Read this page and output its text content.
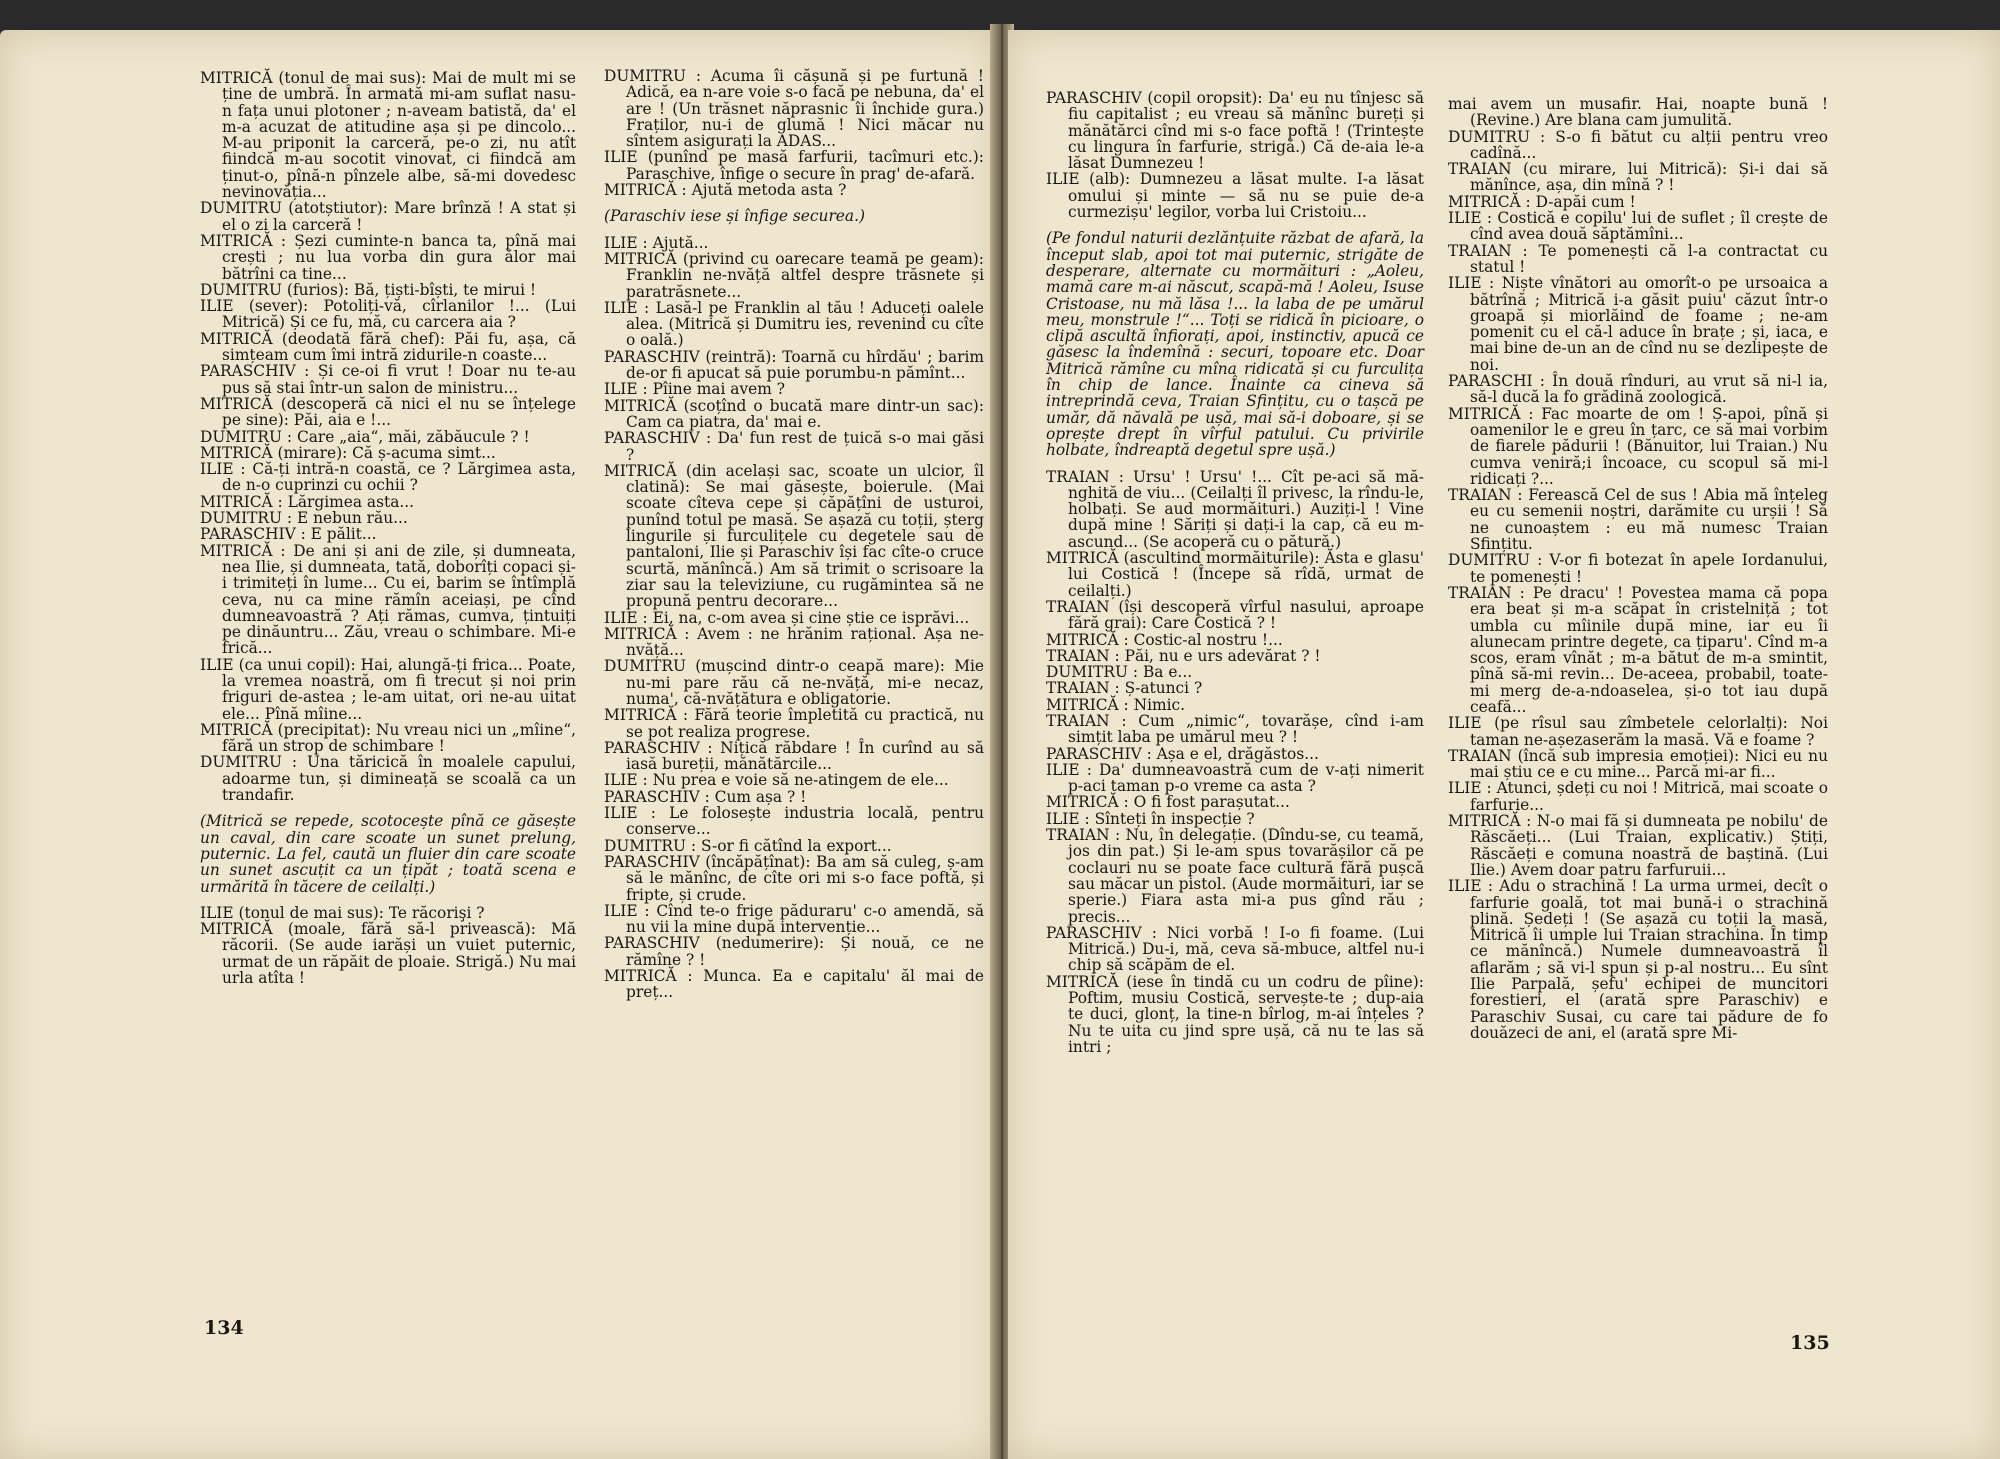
MITRICĂ (tonul de mai sus): Mai de mult mi se ține de umbră. În armată mi-am suflat nasu-n fața unui plotoner ; n-aveam batistă, da' el m-a acuzat de atitudine așa și pe dincolo... M-au priponit la carceră, pe-o zi, nu atît fiindcă m-au socotit vinovat, ci fiindcă am ținut-o, pînă-n pînzele albe, să-mi dovedesc nevinovăția...

DUMITRU (atotștiutor): Mare brînză ! A stat și el o zi la carceră !

MITRICĂ : Șezi cuminte-n banca ta, pînă mai crești ; nu lua vorba din gura ălor mai bătrîni ca tine...

DUMITRU (furios): Bă, țiști-bîști, te mirui !

ILIE (sever): Potoliți-vă, cîrlanilor !... (Lui Mitrică) Și ce fu, mă, cu carcera aia ?

MITRICĂ (deodată fără chef): Păi fu, așa, că simțeam cum îmi intră zidurile-n coaste...

PARASCHIV : Și ce-oi fi vrut ! Doar nu te-au pus să stai într-un salon de ministru...

MITRICĂ (descoperă că nici el nu se înțelege pe sine): Păi, aia e !...

DUMITRU : Care „aia“, măi, zăbăucule ? !

MITRICĂ (mirare): Că ș-acuma simt...

ILIE : Că-ți intră-n coastă, ce ? Lărgimea asta, de n-o cuprinzi cu ochii ?

MITRICĂ : Lărgimea asta...

DUMITRU : E nebun rău...

PARASCHIV : E pălit...

MITRICĂ : De ani și ani de zile, și dumneata, nea Ilie, și dumneata, tată, doborîți copaci și-i trimiteți în lume... Cu ei, barim se întîmplă ceva, nu ca mine rămîn aceiași, pe cînd dumneavoastră ? Ați rămas, cumva, țintuiți pe dinăuntru... Zău, vreau o schimbare. Mi-e frică...

ILIE (ca unui copil): Hai, alungă-ți frica... Poate, la vremea noastră, om fi trecut și noi prin friguri de-astea ; le-am uitat, ori ne-au uitat ele... Pînă mîine...

MITRICĂ (precipitat): Nu vreau nici un „mîine“, fără un strop de schimbare !

DUMITRU : Una tăricică în moalele capului, adoarme tun, și dimineață se scoală ca un trandafir.

(Mitrică se repede, scotocește pînă ce găsește un caval, din care scoate un sunet prelung, puternic. La fel, caută un fluier din care scoate un sunet ascuțit ca un țipăt ; toată scena e urmărită în tăcere de ceilalți.)

ILIE (tonul de mai sus): Te răcorişi ?

MITRICĂ (moale, fără să-l privească): Mă răcorii. (Se aude iarăși un vuiet puternic, urmat de un răpăit de ploaie. Strigă.) Nu mai urla atîta !

DUMITRU : Acuma îi cășună și pe furtună ! Adică, ea n-are voie s-o facă pe nebuna, da' el are ! (Un trăsnet năprasnic îi închide gura.) Fraților, nu-i de glumă ! Nici măcar nu sîntem asigurați la ADAS...

ILIE (punînd pe masă farfurii, tacîmuri etc.): Paraschive, înfige o secure în prag' de-afară.

MITRICĂ : Ajută metoda asta ?

(Paraschiv iese și înfige securea.)

ILIE : Ajută...

MITRICĂ (privind cu oarecare teamă pe geam): Franklin ne-nvăță altfel despre trăsnete și paratrăsnete...

ILIE : Lasă-l pe Franklin al tău ! Aduceți oalele alea. (Mitrică și Dumitru ies, revenind cu cîte o oală.)

PARASCHIV (reintră): Toarnă cu hîrdău' ; barim de-or fi apucat să puie porumbu-n pămînt...

ILIE : Pîine mai avem ?

MITRICĂ (scoțînd o bucată mare dintr-un sac): Cam ca piatra, da' mai e.

PARASCHIV : Da' fun rest de țuică s-o mai găsi ?

MITRICĂ (din același sac, scoate un ulcior, îl clatină): Se mai găsește, boierule. (Mai scoate cîteva cepe și căpățîni de usturoi, punînd totul pe masă. Se așază cu toții, șterg lingurile și furculițele cu degetele sau de pantaloni, Ilie și Paraschiv își fac cîte-o cruce scurtă, mănîncă.) Am să trimit o scrisoare la ziar sau la televiziune, cu rugămintea să ne propună pentru decorare...

ILIE : Ei, na, c-om avea și cine știe ce isprăvi...

MITRICĂ : Avem : ne hrănim rațional. Așa ne-nvăță...

DUMITRU (mușcind dintr-o ceapă mare): Mie nu-mi pare rău că ne-nvăță, mi-e necaz, numa', că-nvățătura e obligatorie.

MITRICĂ : Fără teorie împletită cu practică, nu se pot realiza progrese.

PARASCHIV : Nițică răbdare ! În curînd au să iasă bureții, mănătărcile...

ILIE : Nu prea e voie să ne-atingem de ele...

PARASCHIV : Cum așa ? !

ILIE : Le folosește industria locală, pentru conserve...

DUMITRU : S-or fi cătînd la export...

PARASCHIV (încăpățînat): Ba am să culeg, ș-am să le mănînc, de cîte ori mi s-o face poftă, și fripte, și crude.

ILIE : Cînd te-o frige păduraru' c-o amendă, să nu vii la mine după intervenție...

PARASCHIV (nedumerire): Și nouă, ce ne rămîne ? !

MITRICĂ : Munca. Ea e capitalu' ăl mai de preț...

134

PARASCHIV (copil oropsit): Da' eu nu tînjesc să fiu capitalist ; eu vreau să mănînc bureți și mănătărci cînd mi s-o face poftă ! (Trintește cu lingura în farfurie, strigă.) Că de-aia le-a lăsat Dumnezeu !

ILIE (alb): Dumnezeu a lăsat multe. I-a lăsat omului și minte — să nu se puie de-a curmezișu' legilor, vorba lui Cristoiu...

(Pe fondul naturii dezlănțuite răzbat de afară, la început slab, apoi tot mai puternic, strigăte de desperare, alternate cu mormăituri : „Aoleu, mamă care m-ai născut, scapă-mă ! Aoleu, Isuse Cristoase, nu mă lăsa !... la laba de pe umărul meu, monstrule !“... Toți se ridică în picioare, o clipă ascultă înfiorați, apoi, instinctiv, apucă ce găsesc la îndemînă : securi, topoare etc. Doar Mitrică rămîne cu mîna ridicată și cu furculița în chip de lance. Înainte ca cineva să intreprindă ceva, Traian Sfințitu, cu o tașcă pe umăr, dă năvală pe ușă, mai să-i doboare, și se oprește drept în vîrful patului. Cu privirile holbate, îndreaptă degetul spre ușă.)

TRAIAN : Ursu' ! Ursu' !... Cît pe-aci să mă-nghită de viu... (Ceilalți îl privesc, la rîndu-le, holbați. Se aud mormăituri.) Auziți-l ! Vine după mine ! Săriți și dați-i la cap, că eu m-ascund... (Se acoperă cu o pătură.)

MITRICĂ (ascultind mormăiturile): Ăsta e glasu' lui Costică ! (Începe să rîdă, urmat de ceilalți.)

TRAIAN (își descoperă vîrful nasului, aproape fără grai): Care Costică ? !

MITRICĂ : Costic-al nostru !...

TRAIAN : Păi, nu e urs adevărat ? !

DUMITRU : Ba e...

TRAIAN : Ș-atunci ?

MITRICĂ : Nimic.

TRAIAN : Cum „nimic“, tovarășe, cînd i-am simțit laba pe umărul meu ? !

PARASCHIV : Așa e el, drăgăstos...

ILIE : Da' dumneavoastră cum de v-ați nimerit p-aci taman p-o vreme ca asta ?

MITRICĂ : O fi fost parașutat...

ILIE : Sînteți în inspecție ?

TRAIAN : Nu, în delegație. (Dîndu-se, cu teamă, jos din pat.) Și le-am spus tovarășilor că pe coclauri nu se poate face cultură fără pușcă sau măcar un pistol. (Aude mormăituri, iar se sperie.) Fiara asta mi-a pus gînd rău ; precis...

PARASCHIV : Nici vorbă ! I-o fi foame. (Lui Mitrică.) Du-i, mă, ceva să-mbuce, altfel nu-i chip să scăpăm de el.

MITRICĂ (iese în tindă cu un codru de pîine): Poftim, musiu Costică, servește-te ; dup-aia te duci, glonț, la tine-n bîrlog, m-ai înțeles ? Nu te uita cu jind spre ușă, că nu te las să intri ;

mai avem un musafir. Hai, noapte bună ! (Revine.) Are blana cam jumulită.

DUMITRU : S-o fi bătut cu alții pentru vreo cadînă...

TRAIAN (cu mirare, lui Mitrică): Și-i dai să mănînce, așa, din mînă ? !

MITRICĂ : D-apăi cum !

ILIE : Costică e copilu' lui de suflet ; îl crește de cînd avea două săptămîni...

TRAIAN : Te pomenești că l-a contractat cu statul !

ILIE : Niște vînători au omorît-o pe ursoaica a bătrînă ; Mitrică i-a găsit puiu' căzut într-o groapă și miorlăind de foame ; ne-am pomenit cu el că-l aduce în brațe ; și, iaca, e mai bine de-un an de cînd nu se dezlipește de noi.

PARASCHI : În două rînduri, au vrut să ni-l ia, să-l ducă la fo grădină zoologică.

MITRICĂ : Fac moarte de om ! Ș-apoi, pînă și oamenilor le e greu în țarc, ce să mai vorbim de fiarele pădurii ! (Bănuitor, lui Traian.) Nu cumva veniră;i încoace, cu scopul să mi-l ridicați ?...

TRAIAN : Ferească Cel de sus ! Abia mă înțeleg eu cu semenii noștri, darămite cu urșii ! Să ne cunoaștem : eu mă numesc Traian Sfințitu.

DUMITRU : V-or fi botezat în apele Iordanului, te pomenești !

TRAIAN : Pe dracu' ! Povestea mama că popa era beat și m-a scăpat în cristelniță ; tot umbla cu mîinile după mine, iar eu îi alunecam printre degete, ca țiparu'. Cînd m-a scos, eram vînăt ; m-a bătut de m-a smintit, pînă să-mi revin... De-aceea, probabil, toate-mi merg de-a-ndoaselea, și-o tot iau după ceafă...

ILIE (pe rîsul sau zîmbetele celorlalți): Noi taman ne-așezaserăm la masă. Vă e foame ?

TRAIAN (încă sub impresia emoției): Nici eu nu mai știu ce e cu mine... Parcă mi-ar fi...

ILIE : Atunci, șdeți cu noi ! Mitrică, mai scoate o farfurie...

MITRICĂ : N-o mai fă și dumneata pe nobilu' de Răscăeți... (Lui Traian, explicativ.) Știți, Răscăeți e comuna noastră de baștină. (Lui Ilie.) Avem doar patru farfuruii...

ILIE : Adu o strachină ! La urma urmei, decît o farfurie goală, tot mai bună-i o strachină plină. Ședeți ! (Se așază cu toții la masă, Mitrică îi umple lui Traian strachina. În timp ce mănîncă.) Numele dumneavoastră îl aflarăm ; să vi-l spun și p-al nostru... Eu sînt Ilie Parpală, șefu' echipei de muncitori forestieri, el (arată spre Paraschiv) e Paraschiv Susai, cu care tai pădure de fo douăzeci de ani, el (arată spre Mi-

135
